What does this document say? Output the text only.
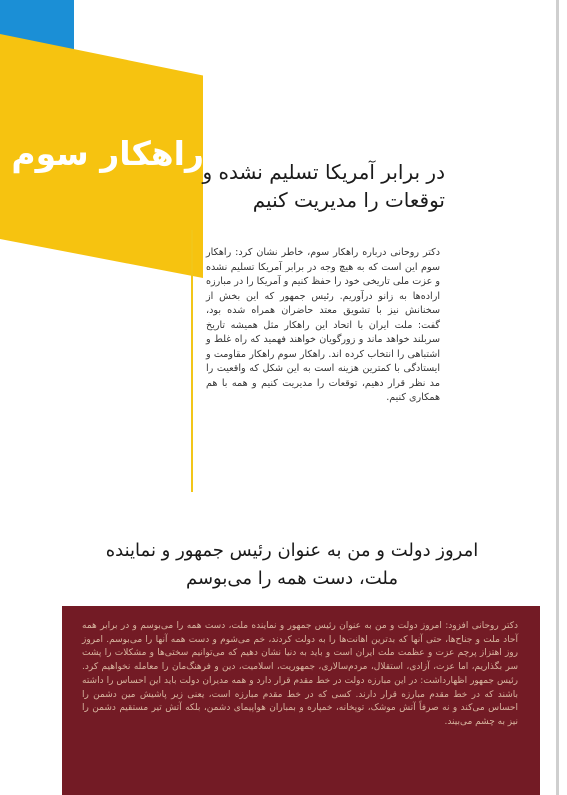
راهکار سوم
در برابر آمریکا تسلیم نشده و
توقعات را مدیریت کنیم
دکتر روحانی درباره راهکار سوم، خاطر نشان کرد: راهکار سوم این است که به هیچ وجه در برابر آمریکا تسلیم نشده و عزت ملی تاریخی خود را حفظ کنیم و آمریکا را در مبارزه اراده‌ها به زانو درآوریم. رئیس جمهور که این بخش از سخنانش نیز با تشویق معتد حاضران همراه شده بود، گفت: ملت ایران با اتحاد این راهکار مثل همیشه تاریخ سربلند خواهد ماند و زورگویان خواهند فهمید که راه غلط و اشتباهی را انتخاب کرده اند. راهکار سوم راهکار مقاومت و ایستادگی با کمترین هزینه است به این شکل که واقعیت را مد نظر قرار دهیم، توقعات را مدیریت کنیم و همه با هم همکاری کنیم.
امروز دولت و من به عنوان رئیس جمهور و نماینده
ملت، دست همه را می‌بوسم
دکتر روحانی افزود: امروز دولت و من به عنوان رئیس جمهور و نماینده ملت، دست همه را می‌بوسم و در برابر همه آحاد ملت و جناح‌ها، حتی آنها که بدترین اهانت‌ها را به دولت کردند، خم می‌شوم و دست همه آنها را می‌بوسم. امروز روز اهتزاز پرچم عزت و عظمت ملت ایران است و باید به دنیا نشان دهیم که می‌توانیم سختی‌ها و مشکلات را پشت سر بگذاریم، اما عزت، آزادی، استقلال، مردم‌سالاری، جمهوریت، اسلامیت، دین و فرهنگ‌مان را معامله نخواهیم کرد. رئیس جمهور اظهارداشت: در این مبارزه دولت در خط مقدم قرار دارد و همه مدیران دولت باید این احساس را داشته باشند که در خط مقدم مبارزه قرار دارند. کسی که در خط مقدم مبارزه است، یعنی زیر پاشیش مین دشمن را احساس می‌کند و نه صرفاً آتش موشک، توپخانه، خمپاره و بمباران هواپیمای دشمن، بلکه آتش تیر مستقیم دشمن را نیز به چشم می‌بیند.
